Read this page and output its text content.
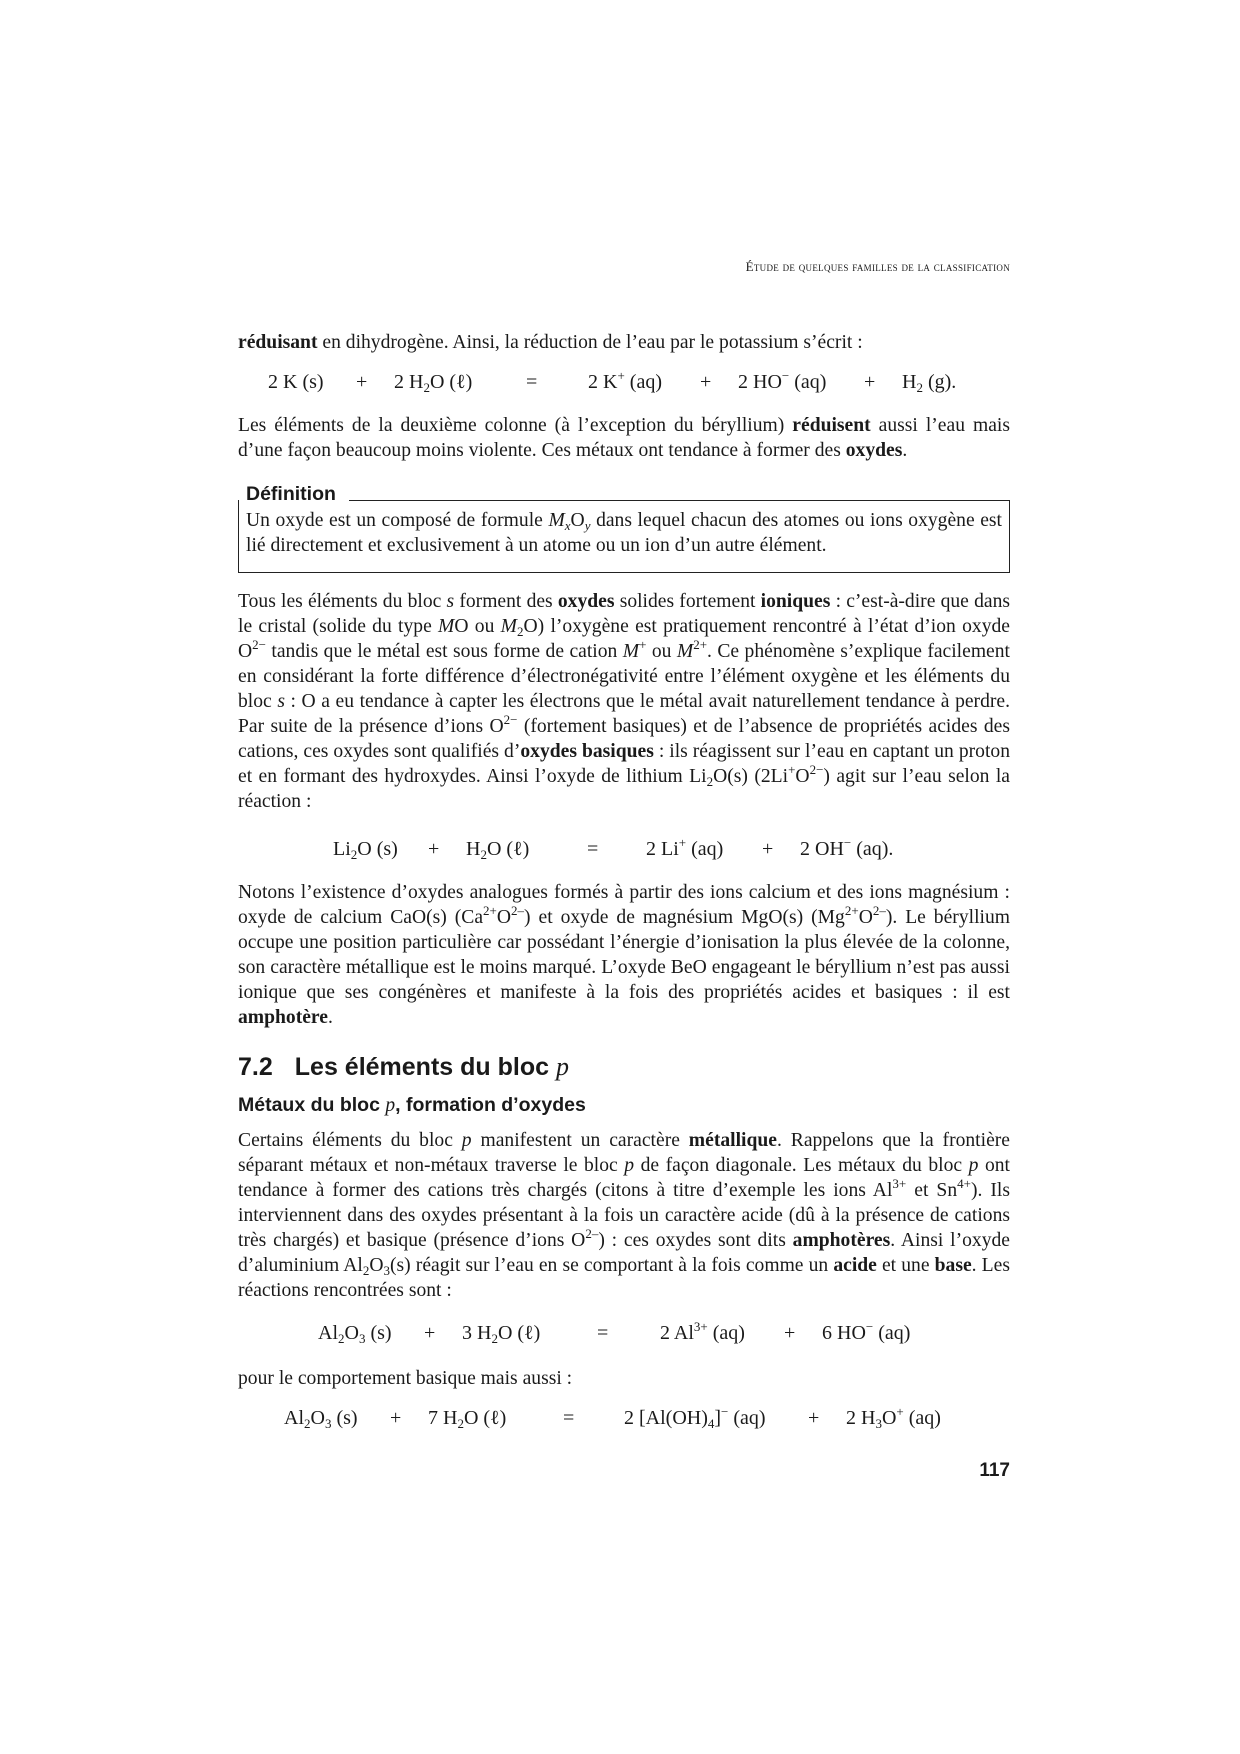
Étude de quelques familles de la classification

réduisant en dihydrogène. Ainsi, la réduction de l’eau par le potassium s’écrit :

2 K (s) + 2 $H_2O$ (ℓ)	=	2 K+ (aq) + 2 HO− $(aq) + H_2$ (g).

Les éléments de la deuxième colonne (à l’exception du béryllium) réduisent aussi l’eau mais d’une façon beaucoup moins violente. Ces métaux ont tendance à former des oxydes.

Un oxyde est un composé de formule $M_xO_y$ dans lequel chacun des atomes ou ions oxygène est lié directement et exclusivement à un atome ou un ion d’un autre élément.

Définition

Tous les éléments du bloc s forment des oxydes solides fortement ioniques : c’est-à-dire que dans le cristal (solide du type MO ou $M_2O$) l’oxygène est pratiquement rencontré à l’état d’ion oxyde $O^{2-}$ tandis que le métal est sous forme de cation M+ ou $M^{2+}$. Ce phénomène s’explique facilement en considérant la forte différence d’électronégativité entre l’élément oxygène et les éléments du bloc s : O a eu tendance à capter les électrons que le métal avait naturellement tendance à perdre. Par suite de la présence d’ions $O^{2-}$ (fortement basiques) et de l’absence de propriétés acides des cations, ces oxydes sont qualifiés d’oxydes basiques : ils réagissent sur l’eau en captant un proton et en formant des hydroxydes. Ainsi l’oxyde de lithium $Li_2O(s)$ $(2Li^+O^{2-})$ agit sur l’eau selon la réaction :

$Li_2O$ $(s) + H_2O$ (ℓ)	= 2 Li+ (aq) + 2 OH− (aq).

Notons l’existence d’oxydes analogues formés à partir des ions calcium et des ions magnésium : oxyde de calcium CaO(s) $(Ca^{2+}O^{2-})$ et oxyde de magnésium MgO(s) $(Mg^{2+}O^{2-})$. Le béryllium occupe une position particulière car possédant l’énergie d’ionisation la plus élevée de la colonne, son caractère métallique est le moins marqué. L’oxyde BeO engageant le béryllium n’est pas aussi ionique que ses congénères et manifeste à la fois des propriétés acides et basiques : il est amphotère.

7.2 Les éléments du bloc p
Métaux du bloc p, formation d’oxydes

Certains éléments du bloc p manifestent un caractère métallique. Rappelons que la frontière séparant métaux et non-métaux traverse le bloc p de façon diagonale. Les métaux du bloc p ont tendance à former des cations très chargés (citons à titre d’exemple les ions $Al^{3+}$ et $Sn^{4+}$). Ils interviennent dans des oxydes présentant à la fois un caractère acide (dû à la présence de cations très chargés) et basique (présence d’ions $O^{2-}$) : ces oxydes sont dits amphotères. Ainsi l’oxyde d’aluminium $Al_2O_3(s)$ réagit sur l’eau en se comportant à la fois comme un acide et une base. Les réactions rencontrées sont :

$Al_2O_3$ (s) + 3 $H_2O$ (ℓ)	=	2 $Al^{3+}$ (aq) + 6 HO− (aq)

pour le comportement basique mais aussi :

$Al_2O_3$ (s) + 7 $H_2O$ (ℓ)	= 2 $[Al(OH)_4]^-$ (aq) + 2 $H_3O^+$ (aq)
117
